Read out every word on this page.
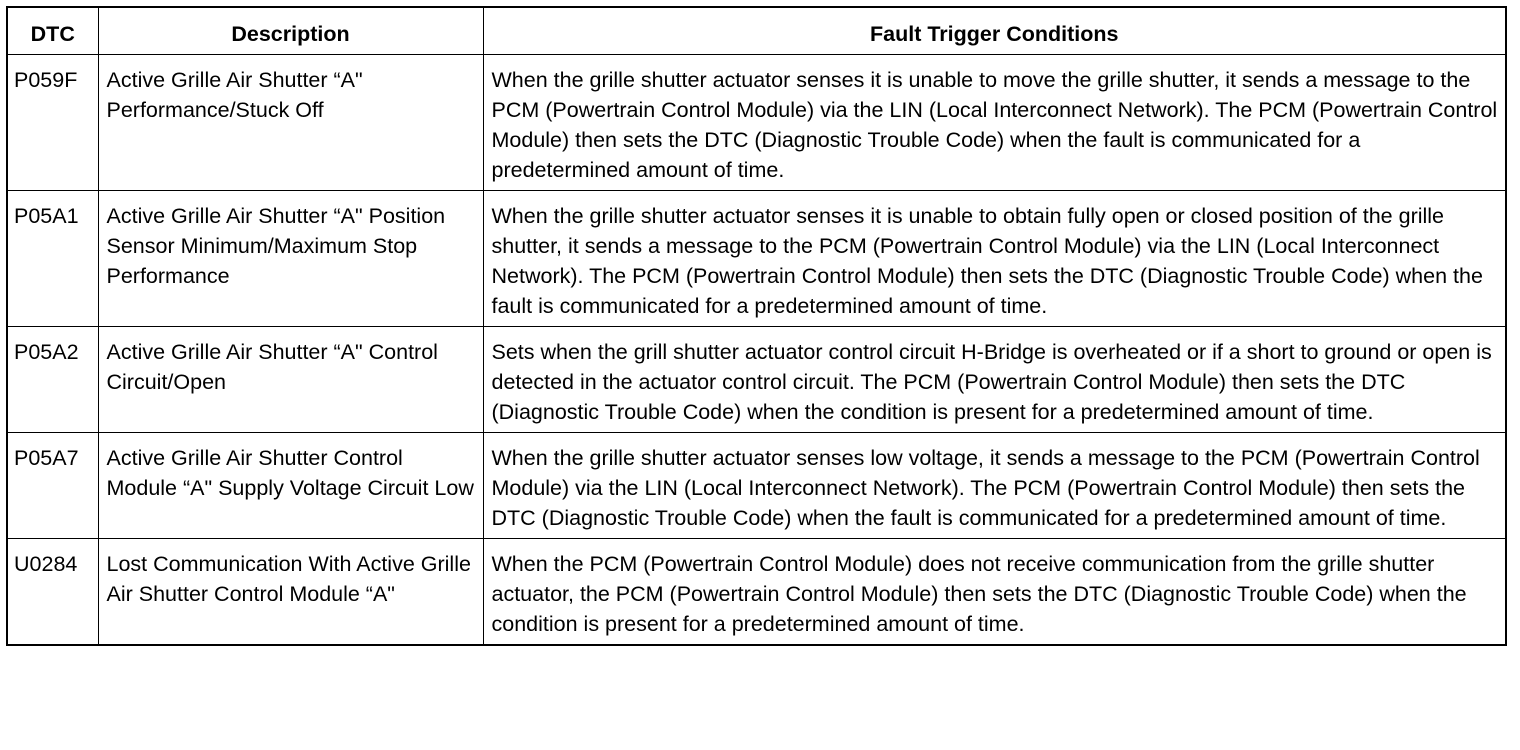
DTC	Description	Fault Trigger Conditions
P059F	Active Grille Air Shutter “A" Performance/Stuck Off	When the grille shutter actuator senses it is unable to move the grille shutter, it sends a message to the PCM (Powertrain Control Module) via the LIN (Local Interconnect Network). The PCM (Powertrain Control Module) then sets the DTC (Diagnostic Trouble Code) when the fault is communicated for a predetermined amount of time.
P05A1	Active Grille Air Shutter “A" Position Sensor Minimum/Maximum Stop Performance	When the grille shutter actuator senses it is unable to obtain fully open or closed position of the grille shutter, it sends a message to the PCM (Powertrain Control Module) via the LIN (Local Interconnect Network). The PCM (Powertrain Control Module) then sets the DTC (Diagnostic Trouble Code) when the fault is communicated for a predetermined amount of time.
P05A2	Active Grille Air Shutter “A" Control Circuit/Open	Sets when the grill shutter actuator control circuit H-Bridge is overheated or if a short to ground or open is detected in the actuator control circuit. The PCM (Powertrain Control Module) then sets the DTC (Diagnostic Trouble Code) when the condition is present for a predetermined amount of time.
P05A7	Active Grille Air Shutter Control Module “A" Supply Voltage Circuit Low	When the grille shutter actuator senses low voltage, it sends a message to the PCM (Powertrain Control Module) via the LIN (Local Interconnect Network). The PCM (Powertrain Control Module) then sets the DTC (Diagnostic Trouble Code) when the fault is communicated for a predetermined amount of time.
U0284	Lost Communication With Active Grille Air Shutter Control Module “A"	When the PCM (Powertrain Control Module) does not receive communication from the grille shutter actuator, the PCM (Powertrain Control Module) then sets the DTC (Diagnostic Trouble Code) when the condition is present for a predetermined amount of time.
